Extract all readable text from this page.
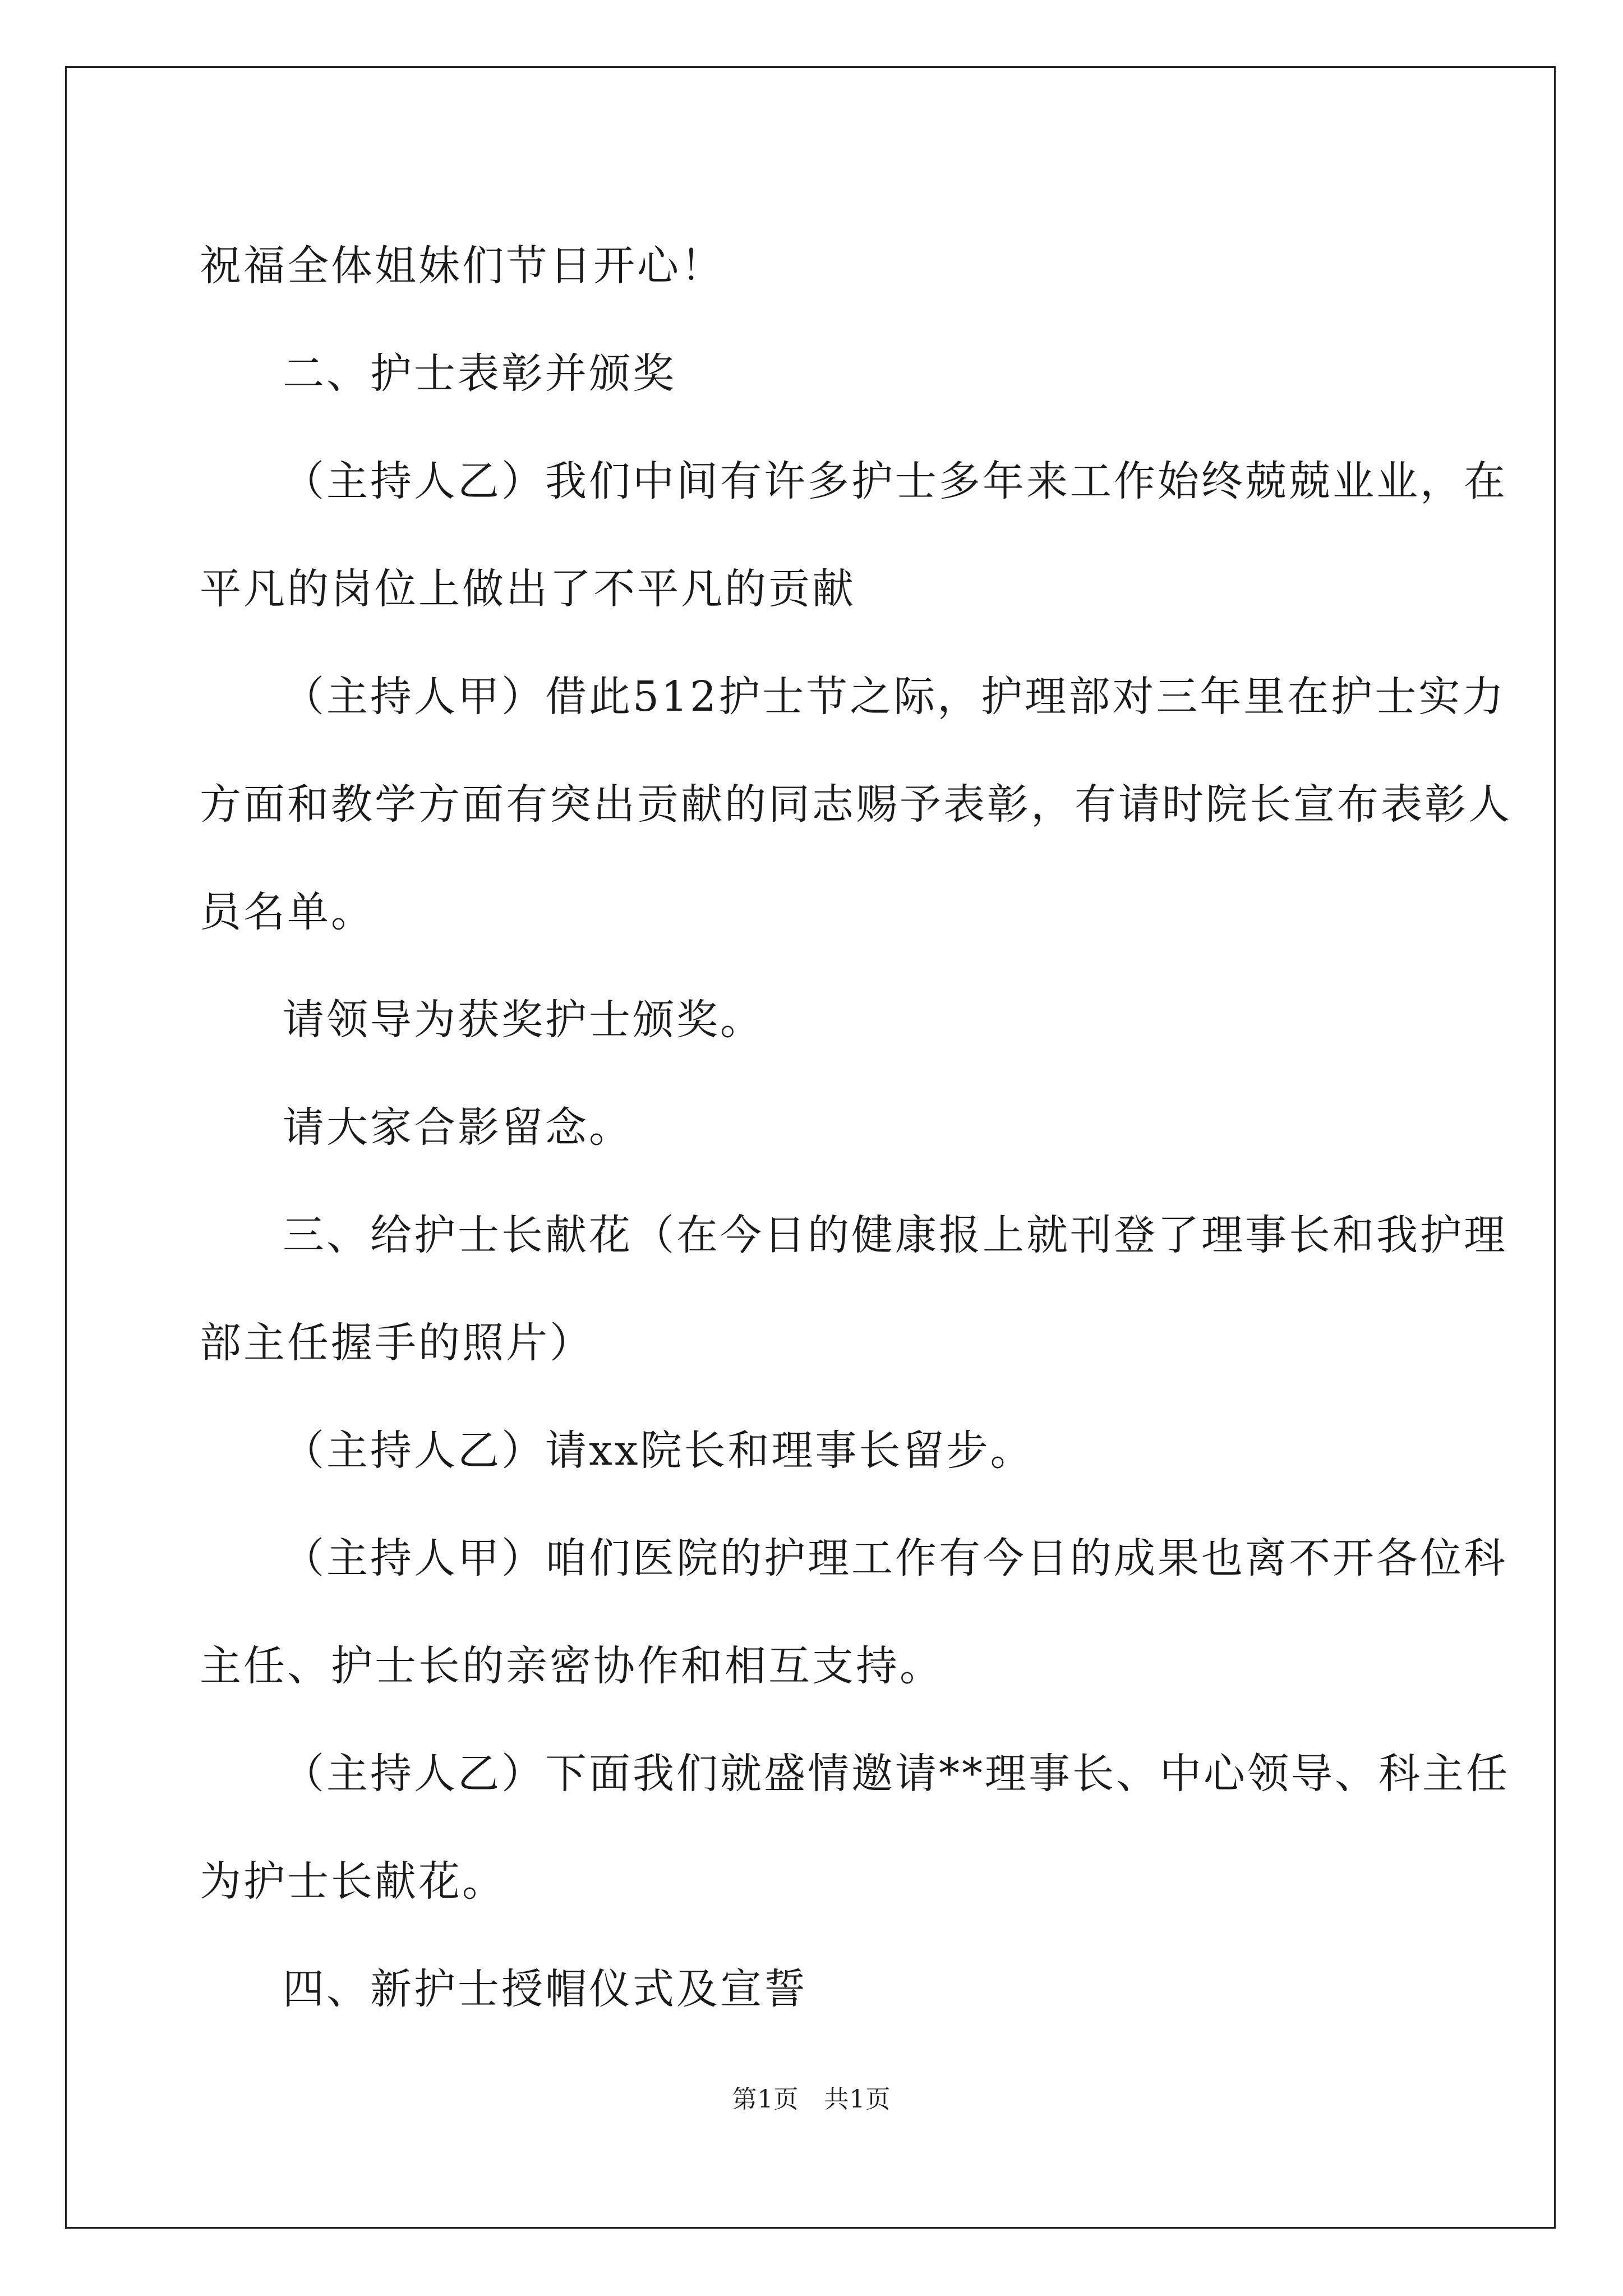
祝福全体姐妹们节日开心！

二、护士表彰并颁奖

（主持人乙）我们中间有许多护士多年来工作始终兢兢业业，在

平凡的岗位上做出了不平凡的贡献

（主持人甲）借此512护士节之际，护理部对三年里在护士实力

方面和教学方面有突出贡献的同志赐予表彰，有请时院长宣布表彰人

员名单。

请领导为获奖护士颁奖。

请大家合影留念。

三、给护士长献花（在今日的健康报上就刊登了理事长和我护理

部主任握手的照片）

（主持人乙）请xx院长和理事长留步。

（主持人甲）咱们医院的护理工作有今日的成果也离不开各位科

主任、护士长的亲密协作和相互支持。

（主持人乙）下面我们就盛情邀请**理事长、中心领导、科主任

为护士长献花。

四、新护士授帽仪式及宣誓

第1页 共1页
